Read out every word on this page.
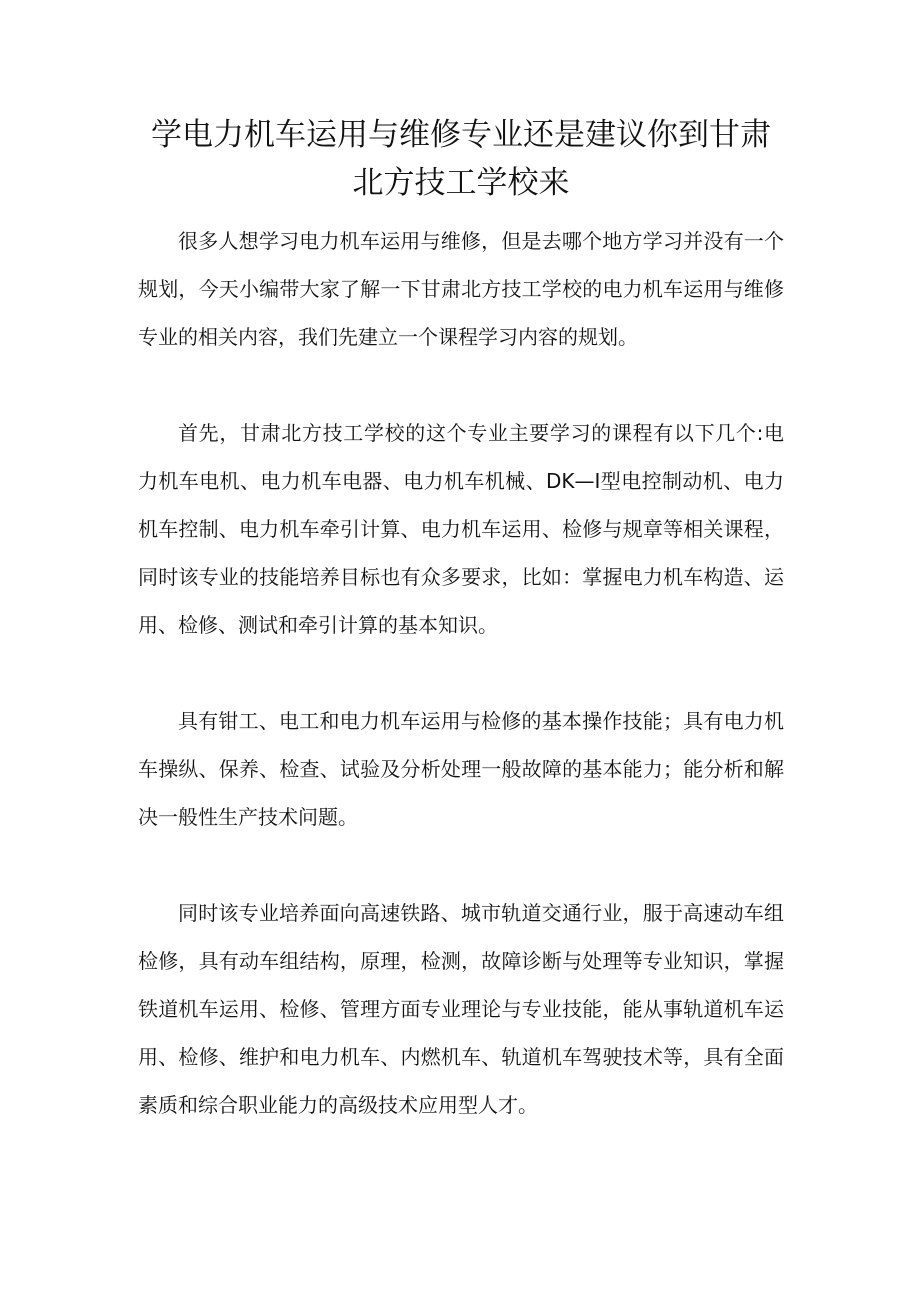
学电力机车运用与维修专业还是建议你到甘肃北方技工学校来

很多人想学习电力机车运用与维修，但是去哪个地方学习并没有一个规划，今天小编带大家了解一下甘肃北方技工学校的电力机车运用与维修专业的相关内容，我们先建立一个课程学习内容的规划。

首先，甘肃北方技工学校的这个专业主要学习的课程有以下几个:电力机车电机、电力机车电器、电力机车机械、DK—I型电控制动机、电力机车控制、电力机车牵引计算、电力机车运用、检修与规章等相关课程，同时该专业的技能培养目标也有众多要求，比如：掌握电力机车构造、运用、检修、测试和牵引计算的基本知识。

具有钳工、电工和电力机车运用与检修的基本操作技能；具有电力机车操纵、保养、检查、试验及分析处理一般故障的基本能力；能分析和解决一般性生产技术问题。

同时该专业培养面向高速铁路、城市轨道交通行业，服于高速动车组检修，具有动车组结构，原理，检测，故障诊断与处理等专业知识，掌握铁道机车运用、检修、管理方面专业理论与专业技能，能从事轨道机车运用、检修、维护和电力机车、内燃机车、轨道机车驾驶技术等，具有全面素质和综合职业能力的高级技术应用型人才。
